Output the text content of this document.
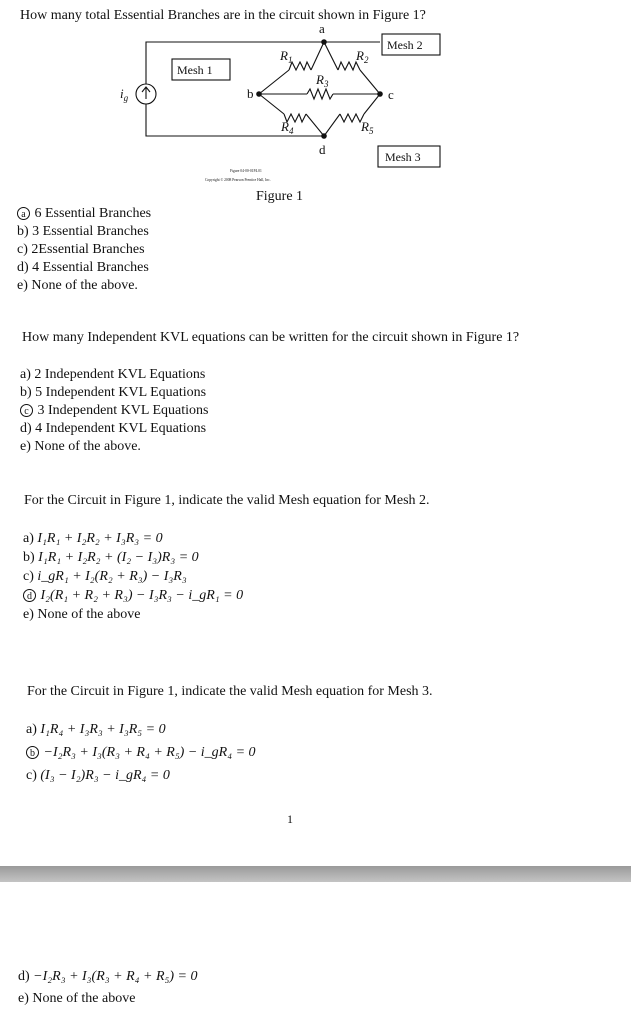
How many total Essential Branches are in the circuit shown in Figure 1?
a
b	c
d
Mesh 1
Mesh 2
Mesh 3
$R_1$	$R_2$
$R_3$
$R_4$	$R_5$
$i_g$
Figure 04-00-01P4.01
Copyright © 2008 Pearson Prentice Hall, Inc.
Figure 1
a 6 Essential Branches
b) 3 Essential Branches
c) 2Essential Branches
d) 4 Essential Branches
e) None of the above.
How many Independent KVL equations can be written for the circuit shown in Figure 1?
a) 2 Independent KVL Equations
b) 5 Independent KVL Equations
c 3 Independent KVL Equations
d) 4 Independent KVL Equations
e) None of the above.
For the Circuit in Figure 1, indicate the valid Mesh equation for Mesh 2.
a) I₁R₁ + I₂R₂ + I₃R₃ = 0
b) I₁R₁ + I₂R₂ + (I₂ − I₃)R₃ = 0
c) i_gR₁ + I₂(R₂ + R₃) − I₃R₃
d I₂(R₁ + R₂ + R₃) − I₃R₃ − i_gR₁ = 0
e) None of the above
For the Circuit in Figure 1, indicate the valid Mesh equation for Mesh 3.
a) I₁R₄ + I₃R₃ + I₃R₅ = 0
b −I₂R₃ + I₃(R₃ + R₄ + R₅) − i_gR₄ = 0
c) (I₃ − I₂)R₃ − i_gR₄ = 0
1
d) −I₂R₃ + I₃(R₃ + R₄ + R₅) = 0
e) None of the above
